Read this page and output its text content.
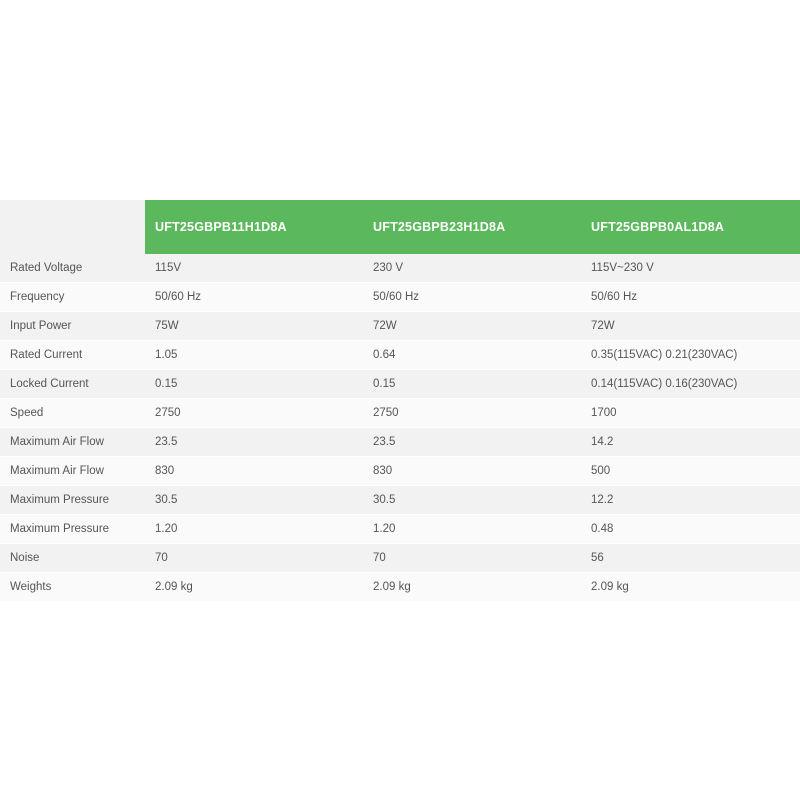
	UFT25GBPB11H1D8A	UFT25GBPB23H1D8A	UFT25GBPB0AL1D8A
Rated Voltage	115V	230 V	115V~230 V
Frequency	50/60 Hz	50/60 Hz	50/60 Hz
Input Power	75W	72W	72W
Rated Current	1.05	0.64	0.35(115VAC) 0.21(230VAC)
Locked Current	0.15	0.15	0.14(115VAC) 0.16(230VAC)
Speed	2750	2750	1700
Maximum Air Flow	23.5	23.5	14.2
Maximum Air Flow	830	830	500
Maximum Pressure	30.5	30.5	12.2
Maximum Pressure	1.20	1.20	0.48
Noise	70	70	56
Weights	2.09 kg	2.09 kg	2.09 kg
